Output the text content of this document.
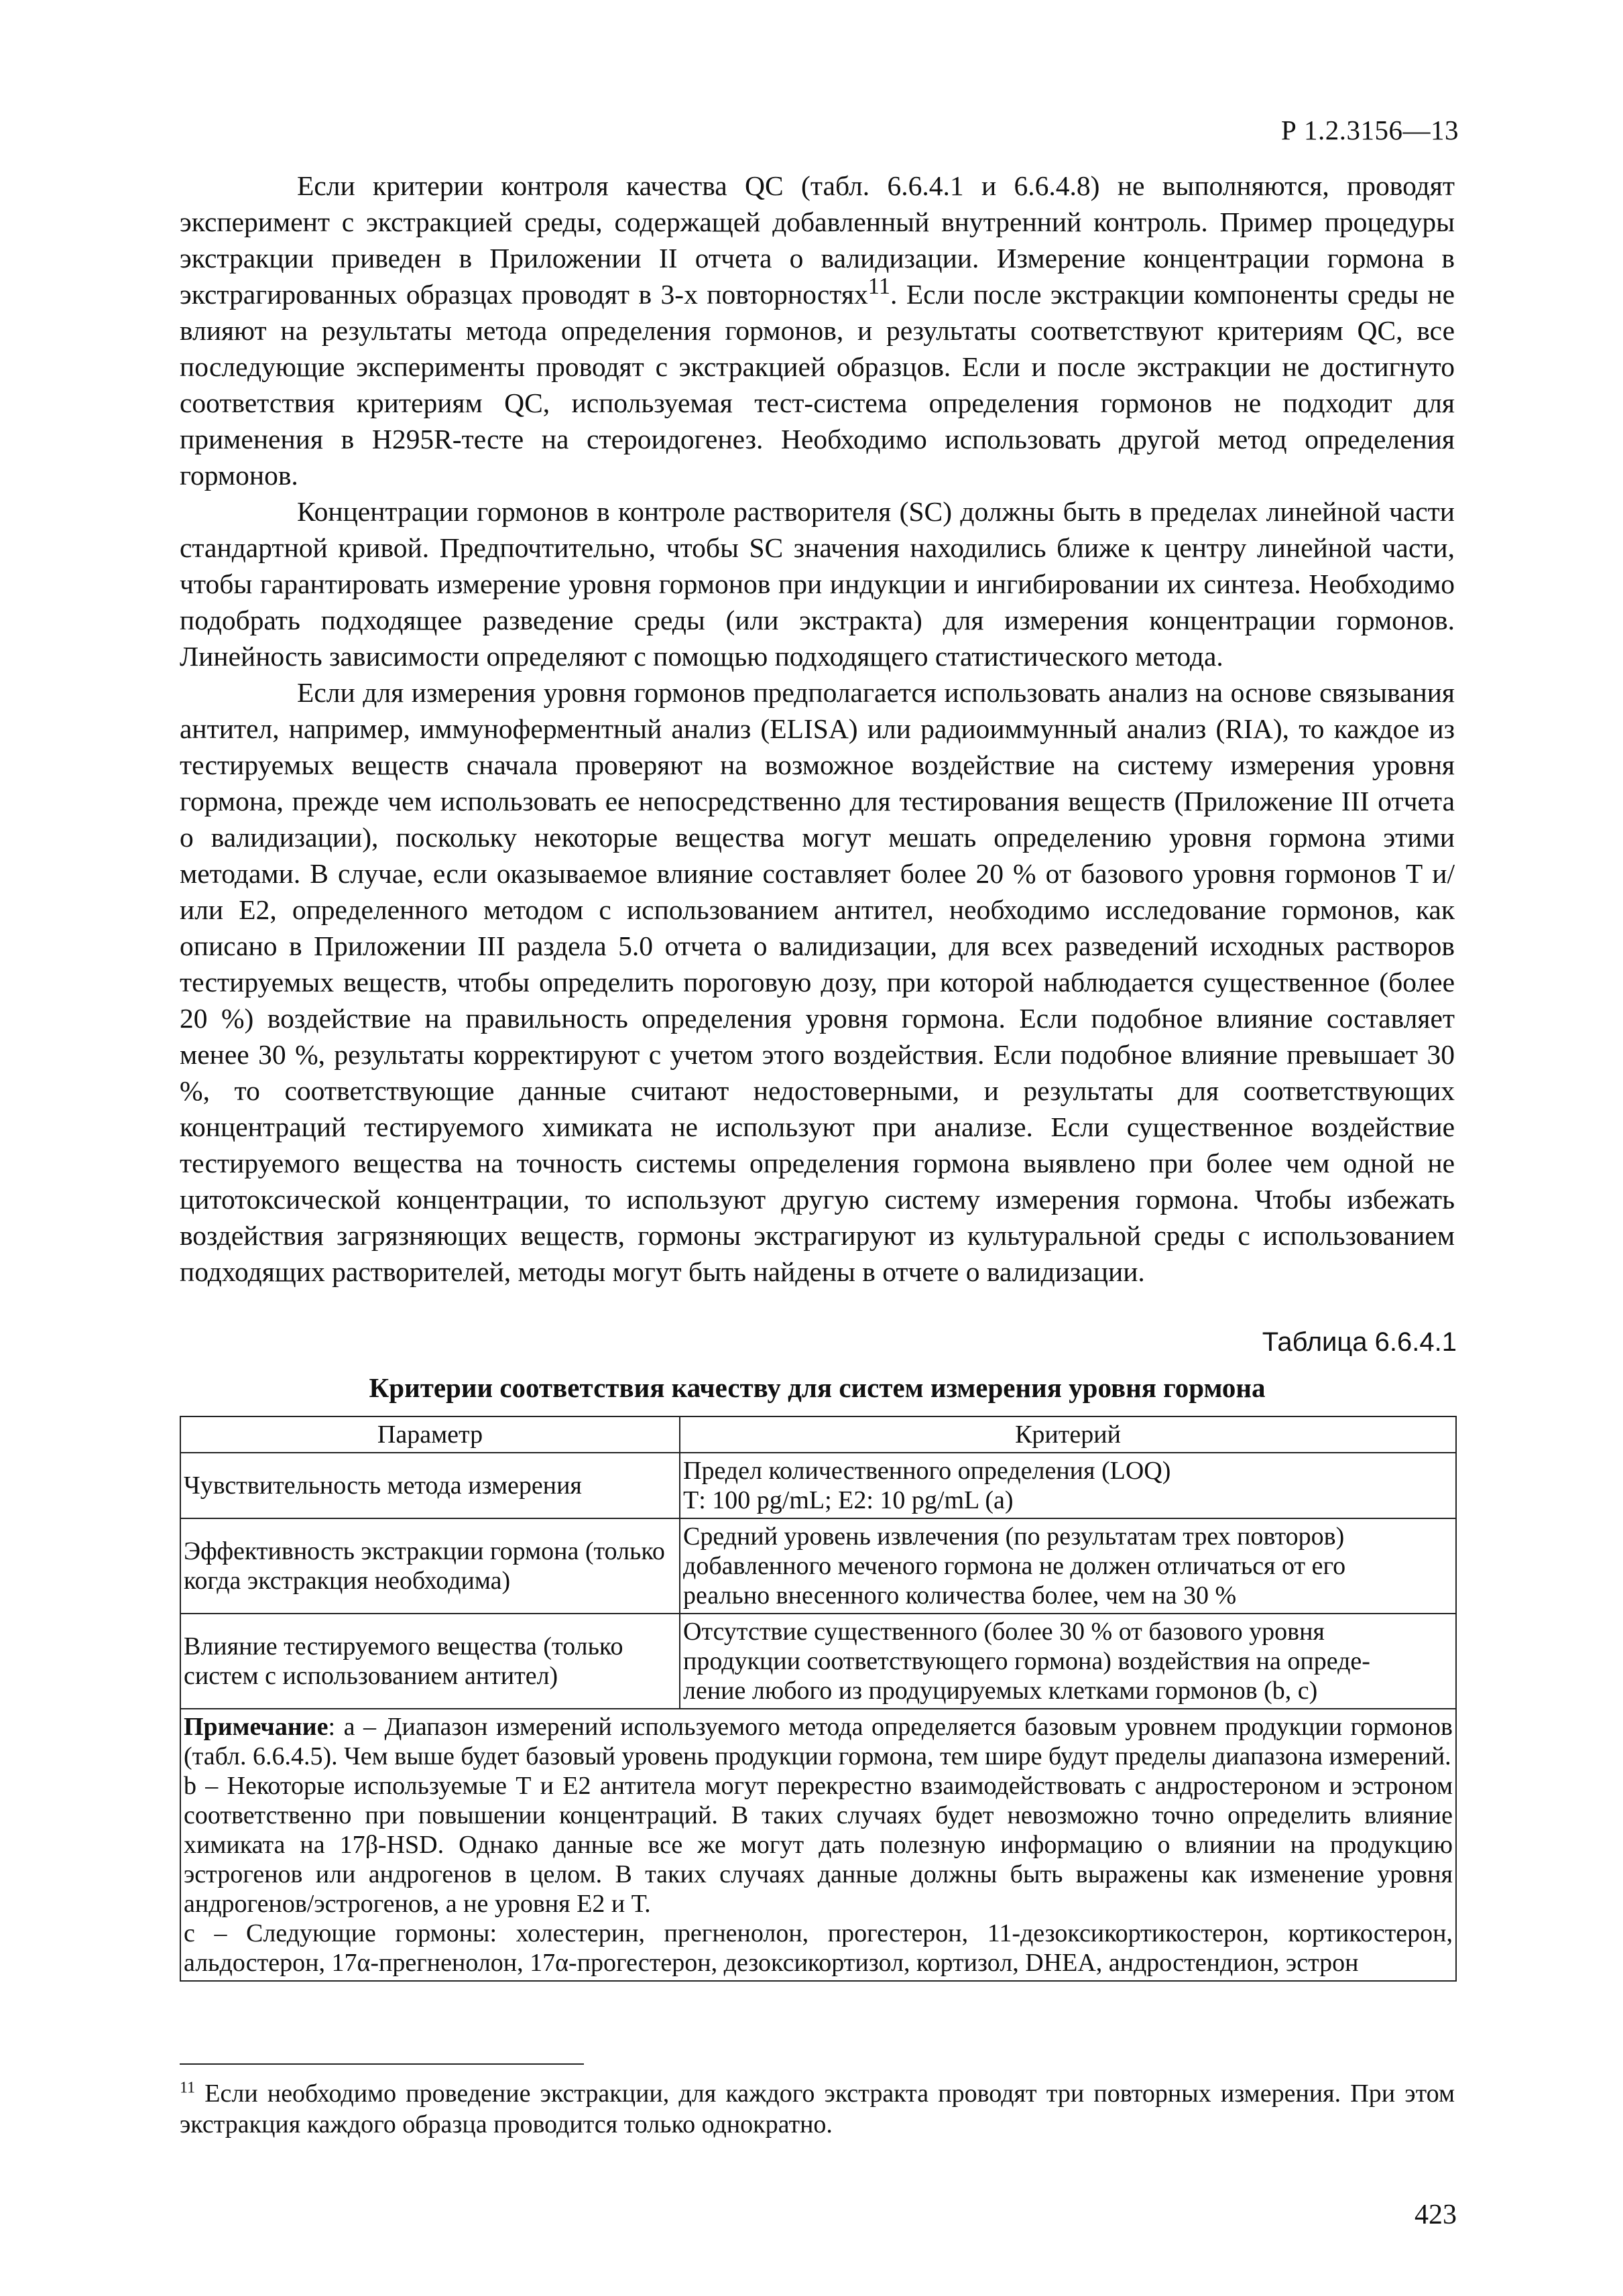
Р 1.2.3156—13

Если критерии контроля качества QC (табл. 6.6.4.1 и 6.6.4.8) не выполняются, проводят эксперимент с экстракцией среды, содержащей добавленный внутренний контроль. Пример процедуры экстракции приведен в Приложении II отчета о валидизации. Измерение концентрации гормона в экстрагированных образцах проводят в 3-х повторностях$^{11}$. Если после экстракции компоненты среды не влияют на результаты метода определения гормонов, и результаты соответствуют критериям QC, все последующие эксперименты проводят с экстракцией образцов. Если и после экстракции не достигнуто соответствия критериям QC, используемая тест-система определения гормонов не подходит для применения в H295R-тесте на стероидогенез. Необходимо использовать другой метод определения гормонов.

Концентрации гормонов в контроле растворителя (SC) должны быть в пределах линейной части стандартной кривой. Предпочтительно, чтобы SC значения находились ближе к центру линейной части, чтобы гарантировать измерение уровня гормонов при индукции и ингибировании их синтеза. Необходимо подобрать подходящее разведение среды (или экстракта) для измерения концентрации гормонов. Линейность зависимости определяют с помощью подходящего статистического метода.

Если для измерения уровня гормонов предполагается использовать анализ на основе связывания антител, например, иммуноферментный анализ (ELISA) или радиоиммунный анализ (RIA), то каждое из тестируемых веществ сначала проверяют на возможное воздействие на систему измерения уровня гормона, прежде чем использовать ее непосредственно для тестирования веществ (Приложение III отчета о валидизации), поскольку некоторые вещества могут мешать определению уровня гормона этими методами. В случае, если оказываемое влияние составляет более 20 % от базового уровня гормонов Т и/или Е2, определенного методом с использованием антител, необходимо исследование гормонов, как описано в Приложении III раздела 5.0 отчета о валидизации, для всех разведений исходных растворов тестируемых веществ, чтобы определить пороговую дозу, при которой наблюдается существенное (более 20 %) воздействие на правильность определения уровня гормона. Если подобное влияние составляет менее 30 %, результаты корректируют с учетом этого воздействия. Если подобное влияние превышает 30 %, то соответствующие данные считают недостоверными, и результаты для соответствующих концентраций тестируемого химиката не используют при анализе. Если существенное воздействие тестируемого вещества на точность системы определения гормона выявлено при более чем одной не цитотоксической концентрации, то используют другую систему измерения гормона. Чтобы избежать воздействия загрязняющих веществ, гормоны экстрагируют из культуральной среды с использованием подходящих растворителей, методы могут быть найдены в отчете о валидизации.

Таблица 6.6.4.1
Критерии соответствия качеству для систем измерения уровня гормона
Параметр	Критерий
Чувствительность метода измерения	Предел количественного определения (LOQ)
Т: 100 pg/mL; Е2: 10 pg/mL (а)

Эффективность экстракции гормона (только когда экстракция необходима)	Средний уровень извлечения (по результатам трех повторов)
добавленного меченого гормона не должен отличаться от его
реально внесенного количества более, чем на 30 %

Влияние тестируемого вещества (только систем с использованием антител)	Отсутствие существенного (более 30 % от базового уровня
продукции соответствующего гормона) воздействия на опреде-
ление любого из продуцируемых клетками гормонов (b, c)

Примечание: а – Диапазон измерений используемого метода определяется базовым уровнем продукции гормонов (табл. 6.6.4.5). Чем выше будет базовый уровень продукции гормона, тем шире будут пределы диапазона измерений.
b – Некоторые используемые Т и Е2 антитела могут перекрестно взаимодействовать с андростероном и эстроном соответственно при повышении концентраций. В таких случаях будет невозможно точно определить влияние химиката на 17β-HSD. Однако данные все же могут дать полезную информацию о влиянии на продукцию эстрогенов или андрогенов в целом. В таких случаях данные должны быть выражены как изменение уровня андрогенов/эстрогенов, а не уровня Е2 и Т.
с – Следующие гормоны: холестерин, прегненолон, прогестерон, 11-дезоксикортикостерон, кортикостерон, альдостерон, 17α-прегненолон, 17α-прогестерон, дезоксикортизол, кортизол, DHEA, андростендион, эстрон	
$^{11}$ Если необходимо проведение экстракции, для каждого экстракта проводят три повторных измерения. При этом экстракция каждого образца проводится только однократно.
423
